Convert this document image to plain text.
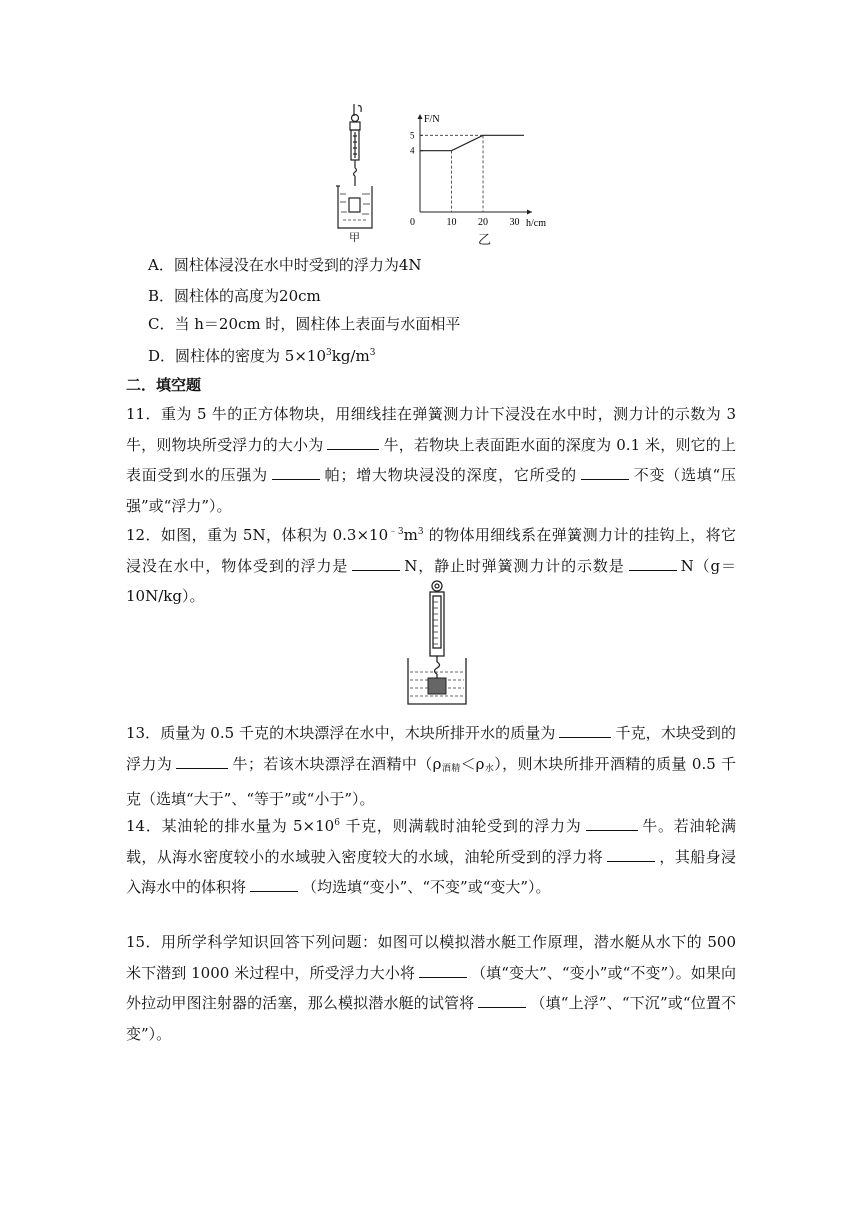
甲
F/N
h/cm
0	10 20 30
4
5
乙
A．圆柱体浸没在水中时受到的浮力为4N
B．圆柱体的高度为20cm
C．当 h＝20cm 时，圆柱体上表面与水面相平
D．圆柱体的密度为 $5\times 10^3kg/m^3$
二．填空题
11．重为 5 牛的正方体物块，用细线挂在弹簧测力计下浸没在水中时，测力计的示数为 3 牛，则物块所受浮力的大小为	牛，若物块上表面距水面的深度为 0.1 米，则它的上表面受到水的压强为	帕；增大物块浸没的深度，它所受的	不变（选填“压强”或“浮力”）。
12．如图，重为 5N，体积为 $0.3\times 10^{﹣3}m^3$ 的物体用细线系在弹簧测力计的挂钩上，将它浸没在水中，物体受到的浮力是	N，静止时弹簧测力计的示数是	N（g＝10N/kg）。
13．质量为 0.5 千克的木块漂浮在水中，木块所排开水的质量为	千克，木块受到的浮力为	牛；若该木块漂浮在酒精中$(\rho_{酒精}<\rho_水)$，则木块所排开酒精的质量 0.5 千克（选填“大于”、“等于”或“小于”）。
14．某油轮的排水量为 $5\times 10^6$ 千克，则满载时油轮受到的浮力为	牛。若油轮满载，从海水密度较小的水域驶入密度较大的水域，油轮所受到的浮力将	，其船身浸入海水中的体积将	（均选填“变小”、“不变”或“变大”）。
15．用所学科学知识回答下列问题：如图可以模拟潜水艇工作原理，潜水艇从水下的 500 米下潜到 1000 米过程中，所受浮力大小将	（填“变大”、“变小”或“不变”）。如果向外拉动甲图注射器的活塞，那么模拟潜水艇的试管将	（填“上浮”、“下沉”或“位置不变”）。
